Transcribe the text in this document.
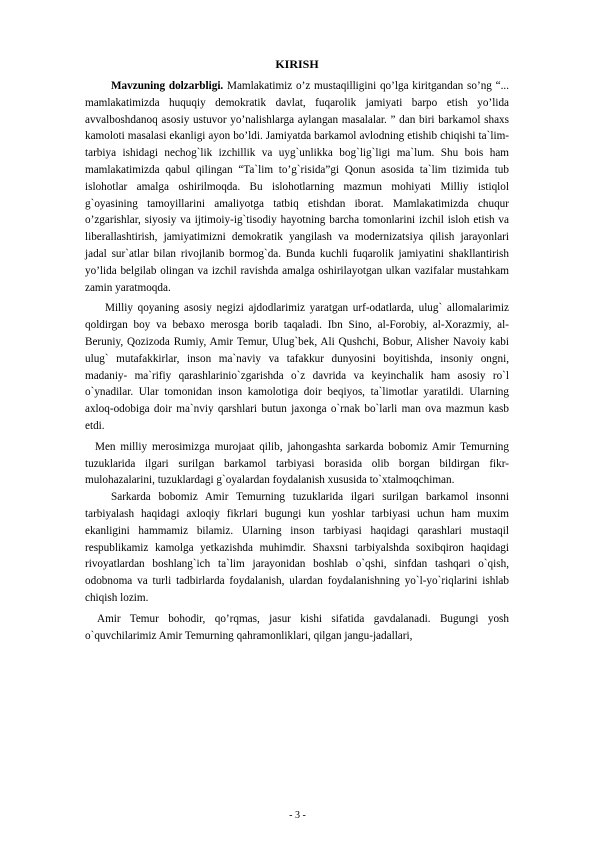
KIRISH

Mavzuning dolzarbligi. Mamlakatimiz o’z mustaqilligini qo’lga kiritgandan so’ng “... mamlakatimizda huquqiy demokratik davlat, fuqarolik jamiyati barpo etish yo’lida avvalboshdanoq asosiy ustuvor yo’nalishlarga aylangan masalalar. ” dan biri barkamol shaxs kamoloti masalasi ekanligi ayon bo’ldi. Jamiyatda barkamol avlodning etishib chiqishi ta`lim-tarbiya ishidagi nechog`lik izchillik va uyg`unlikka bog`lig`ligi ma`lum. Shu bois ham mamlakatimizda qabul qilingan “Ta`lim to’g`risida”gi Qonun asosida ta`lim tizimida tub islohotlar amalga oshirilmoqda. Bu islohotlarning mazmun mohiyati Milliy istiqlol g`oyasining tamoyillarini amaliyotga tatbiq etishdan iborat. Mamlakatimizda chuqur o’zgarishlar, siyosiy va ijtimoiy-ig`tisodiy hayotning barcha tomonlarini izchil isloh etish va liberallashtirish, jamiyatimizni demokratik yangilash va modernizatsiya qilish jarayonlari jadal sur`atlar bilan rivojlanib bormog`da. Bunda kuchli fuqarolik jamiyatini shakllantirish yo’lida belgilab olingan va izchil ravishda amalga oshirilayotgan ulkan vazifalar mustahkam zamin yaratmoqda.

Milliy qoyaning asosiy negizi ajdodlarimiz yaratgan urf-odatlarda, ulug` allomalarimiz qoldirgan boy va bebaxo merosga borib taqaladi. Ibn Sino, al-Forobiy, al-Xorazmiy, al-Beruniy, Qozizoda Rumiy, Amir Temur, Ulug`bek, Ali Qushchi, Bobur, Alisher Navoiy kabi ulug` mutafakkirlar, inson ma`naviy va tafakkur dunyosini boyitishda, insoniy ongni, madaniy- ma`rifiy qarashlarinio`zgarishda o`z davrida va keyinchalik ham asosiy ro`l o`ynadilar. Ular tomonidan inson kamolotiga doir beqiyos, ta`limotlar yaratildi. Ularning axloq-odobiga doir ma`nviy qarshlari butun jaxonga o`rnak bo`larli man ova mazmun kasb etdi.

Men milliy merosimizga murojaat qilib, jahongashta sarkarda bobomiz Amir Temurning tuzuklarida ilgari surilgan barkamol tarbiyasi borasida olib borgan bildirgan fikr-mulohazalarini, tuzuklardagi g`oyalardan foydalanish xususida to`xtalmoqchiman.

Sarkarda bobomiz Amir Temurning tuzuklarida ilgari surilgan barkamol insonni tarbiyalash haqidagi axloqiy fikrlari bugungi kun yoshlar tarbiyasi uchun ham muxim ekanligini hammamiz bilamiz. Ularning inson tarbiyasi haqidagi qarashlari mustaqil respublikamiz kamolga yetkazishda muhimdir. Shaxsni tarbiyalshda soxibqiron haqidagi rivoyatlardan boshlang`ich ta`lim jarayonidan boshlab o`qshi, sinfdan tashqari o`qish, odobnoma va turli tadbirlarda foydalanish, ulardan foydalanishning yo`l-yo`riqlarini ishlab chiqish lozim.

Amir Temur bohodir, qo’rqmas, jasur kishi sifatida gavdalanadi. Bugungi yosh o`quvchilarimiz Amir Temurning qahramonliklari, qilgan jangu-jadallari,

- 3 -
